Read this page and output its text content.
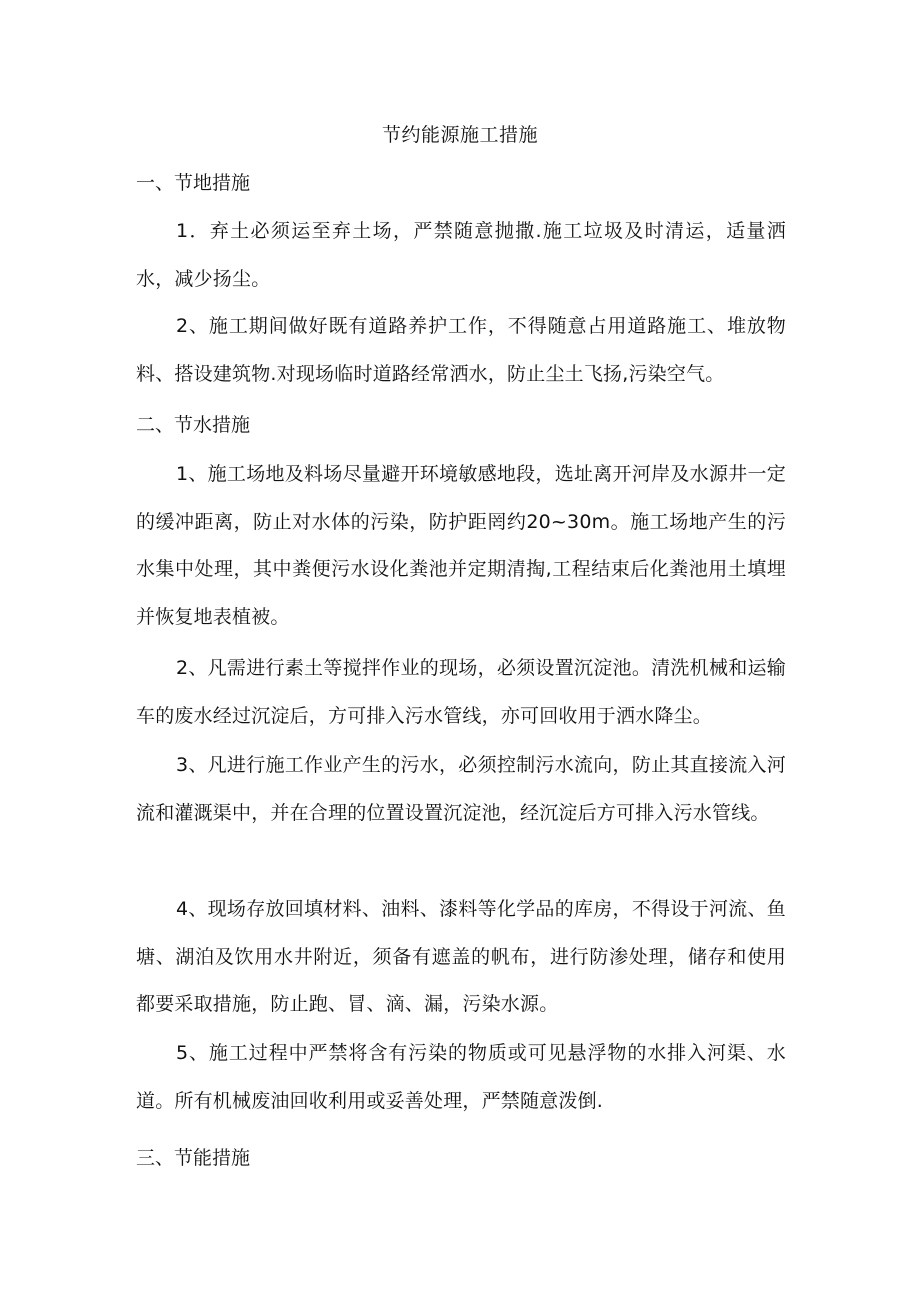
节约能源施工措施
一、节地措施
1．弃土必须运至弃土场，严禁随意抛撒.施工垃圾及时清运，适量洒水，减少扬尘。
2、施工期间做好既有道路养护工作，不得随意占用道路施工、堆放物料、搭设建筑物.对现场临时道路经常洒水，防止尘土飞扬,污染空气。
二、节水措施
1、施工场地及料场尽量避开环境敏感地段，选址离开河岸及水源井一定的缓冲距离，防止对水体的污染，防护距罔约20~30m。施工场地产生的污水集中处理，其中粪便污水设化粪池并定期清掏,工程结束后化粪池用土填埋并恢复地表植被。
2、凡需进行素土等搅拌作业的现场，必须设置沉淀池。清洗机械和运输车的废水经过沉淀后，方可排入污水管线，亦可回收用于洒水降尘。
3、凡进行施工作业产生的污水，必须控制污水流向，防止其直接流入河流和灌溉渠中，并在合理的位置设置沉淀池，经沉淀后方可排入污水管线。
4、现场存放回填材料、油料、漆料等化学品的库房，不得设于河流、鱼塘、湖泊及饮用水井附近，须备有遮盖的帆布，进行防渗处理，储存和使用都要采取措施，防止跑、冒、滴、漏，污染水源。
5、施工过程中严禁将含有污染的物质或可见悬浮物的水排入河渠、水道。所有机械废油回收利用或妥善处理，严禁随意泼倒.
三、节能措施
